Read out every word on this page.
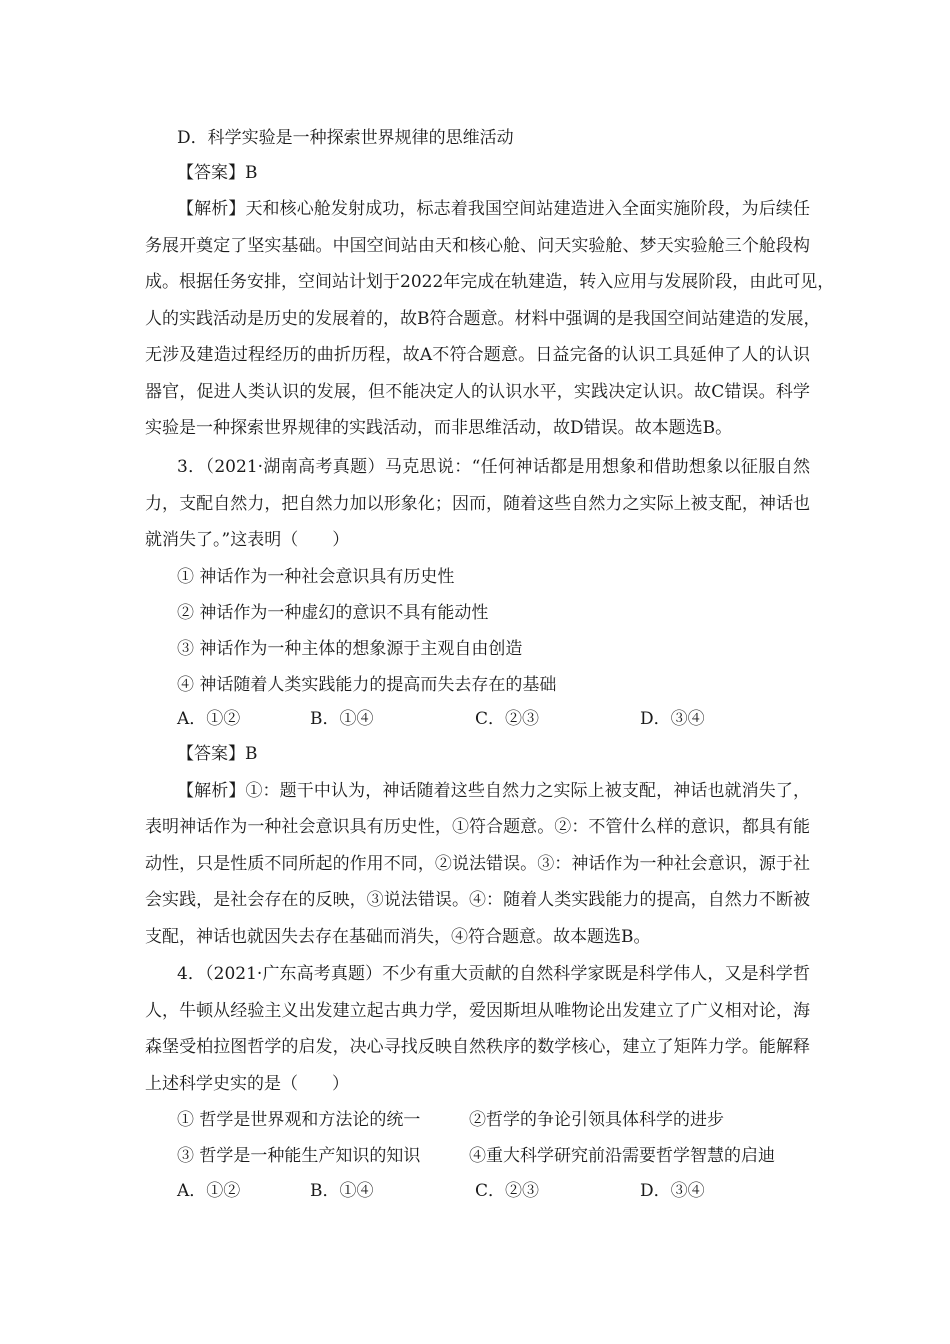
D．科学实验是一种探索世界规律的思维活动
【答案】B
【解析】天和核心舱发射成功，标志着我国空间站建造进入全面实施阶段，为后续任
务展开奠定了坚实基础。中国空间站由天和核心舱、问天实验舱、梦天实验舱三个舱段构
成。根据任务安排，空间站计划于2022年完成在轨建造，转入应用与发展阶段，由此可见，
人的实践活动是历史的发展着的，故B符合题意。材料中强调的是我国空间站建造的发展，
无涉及建造过程经历的曲折历程，故A不符合题意。日益完备的认识工具延伸了人的认识
器官，促进人类认识的发展，但不能决定人的认识水平，实践决定认识。故C错误。科学
实验是一种探索世界规律的实践活动，而非思维活动，故D错误。故本题选B。
3．（2021·湖南高考真题）马克思说：“任何神话都是用想象和借助想象以征服自然
力，支配自然力，把自然力加以形象化；因而，随着这些自然力之实际上被支配，神话也
就消失了。”这表明（　　）
① 神话作为一种社会意识具有历史性
② 神话作为一种虚幻的意识不具有能动性
③ 神话作为一种主体的想象源于主观自由创造
④ 神话随着人类实践能力的提高而失去存在的基础
A．①②	B．①④	C．②③	D．③④
【答案】B
【解析】①：题干中认为，神话随着这些自然力之实际上被支配，神话也就消失了，
表明神话作为一种社会意识具有历史性，①符合题意。②：不管什么样的意识，都具有能
动性，只是性质不同所起的作用不同，②说法错误。③：神话作为一种社会意识，源于社
会实践，是社会存在的反映，③说法错误。④：随着人类实践能力的提高，自然力不断被
支配，神话也就因失去存在基础而消失，④符合题意。故本题选B。
4．（2021·广东高考真题）不少有重大贡献的自然科学家既是科学伟人，又是科学哲
人，牛顿从经验主义出发建立起古典力学，爱因斯坦从唯物论出发建立了广义相对论，海
森堡受柏拉图哲学的启发，决心寻找反映自然秩序的数学核心，建立了矩阵力学。能解释
上述科学史实的是（　　）
① 哲学是世界观和方法论的统一	②哲学的争论引领具体科学的进步
③ 哲学是一种能生产知识的知识	④重大科学研究前沿需要哲学智慧的启迪
A．①②	B．①④	C．②③	D．③④
